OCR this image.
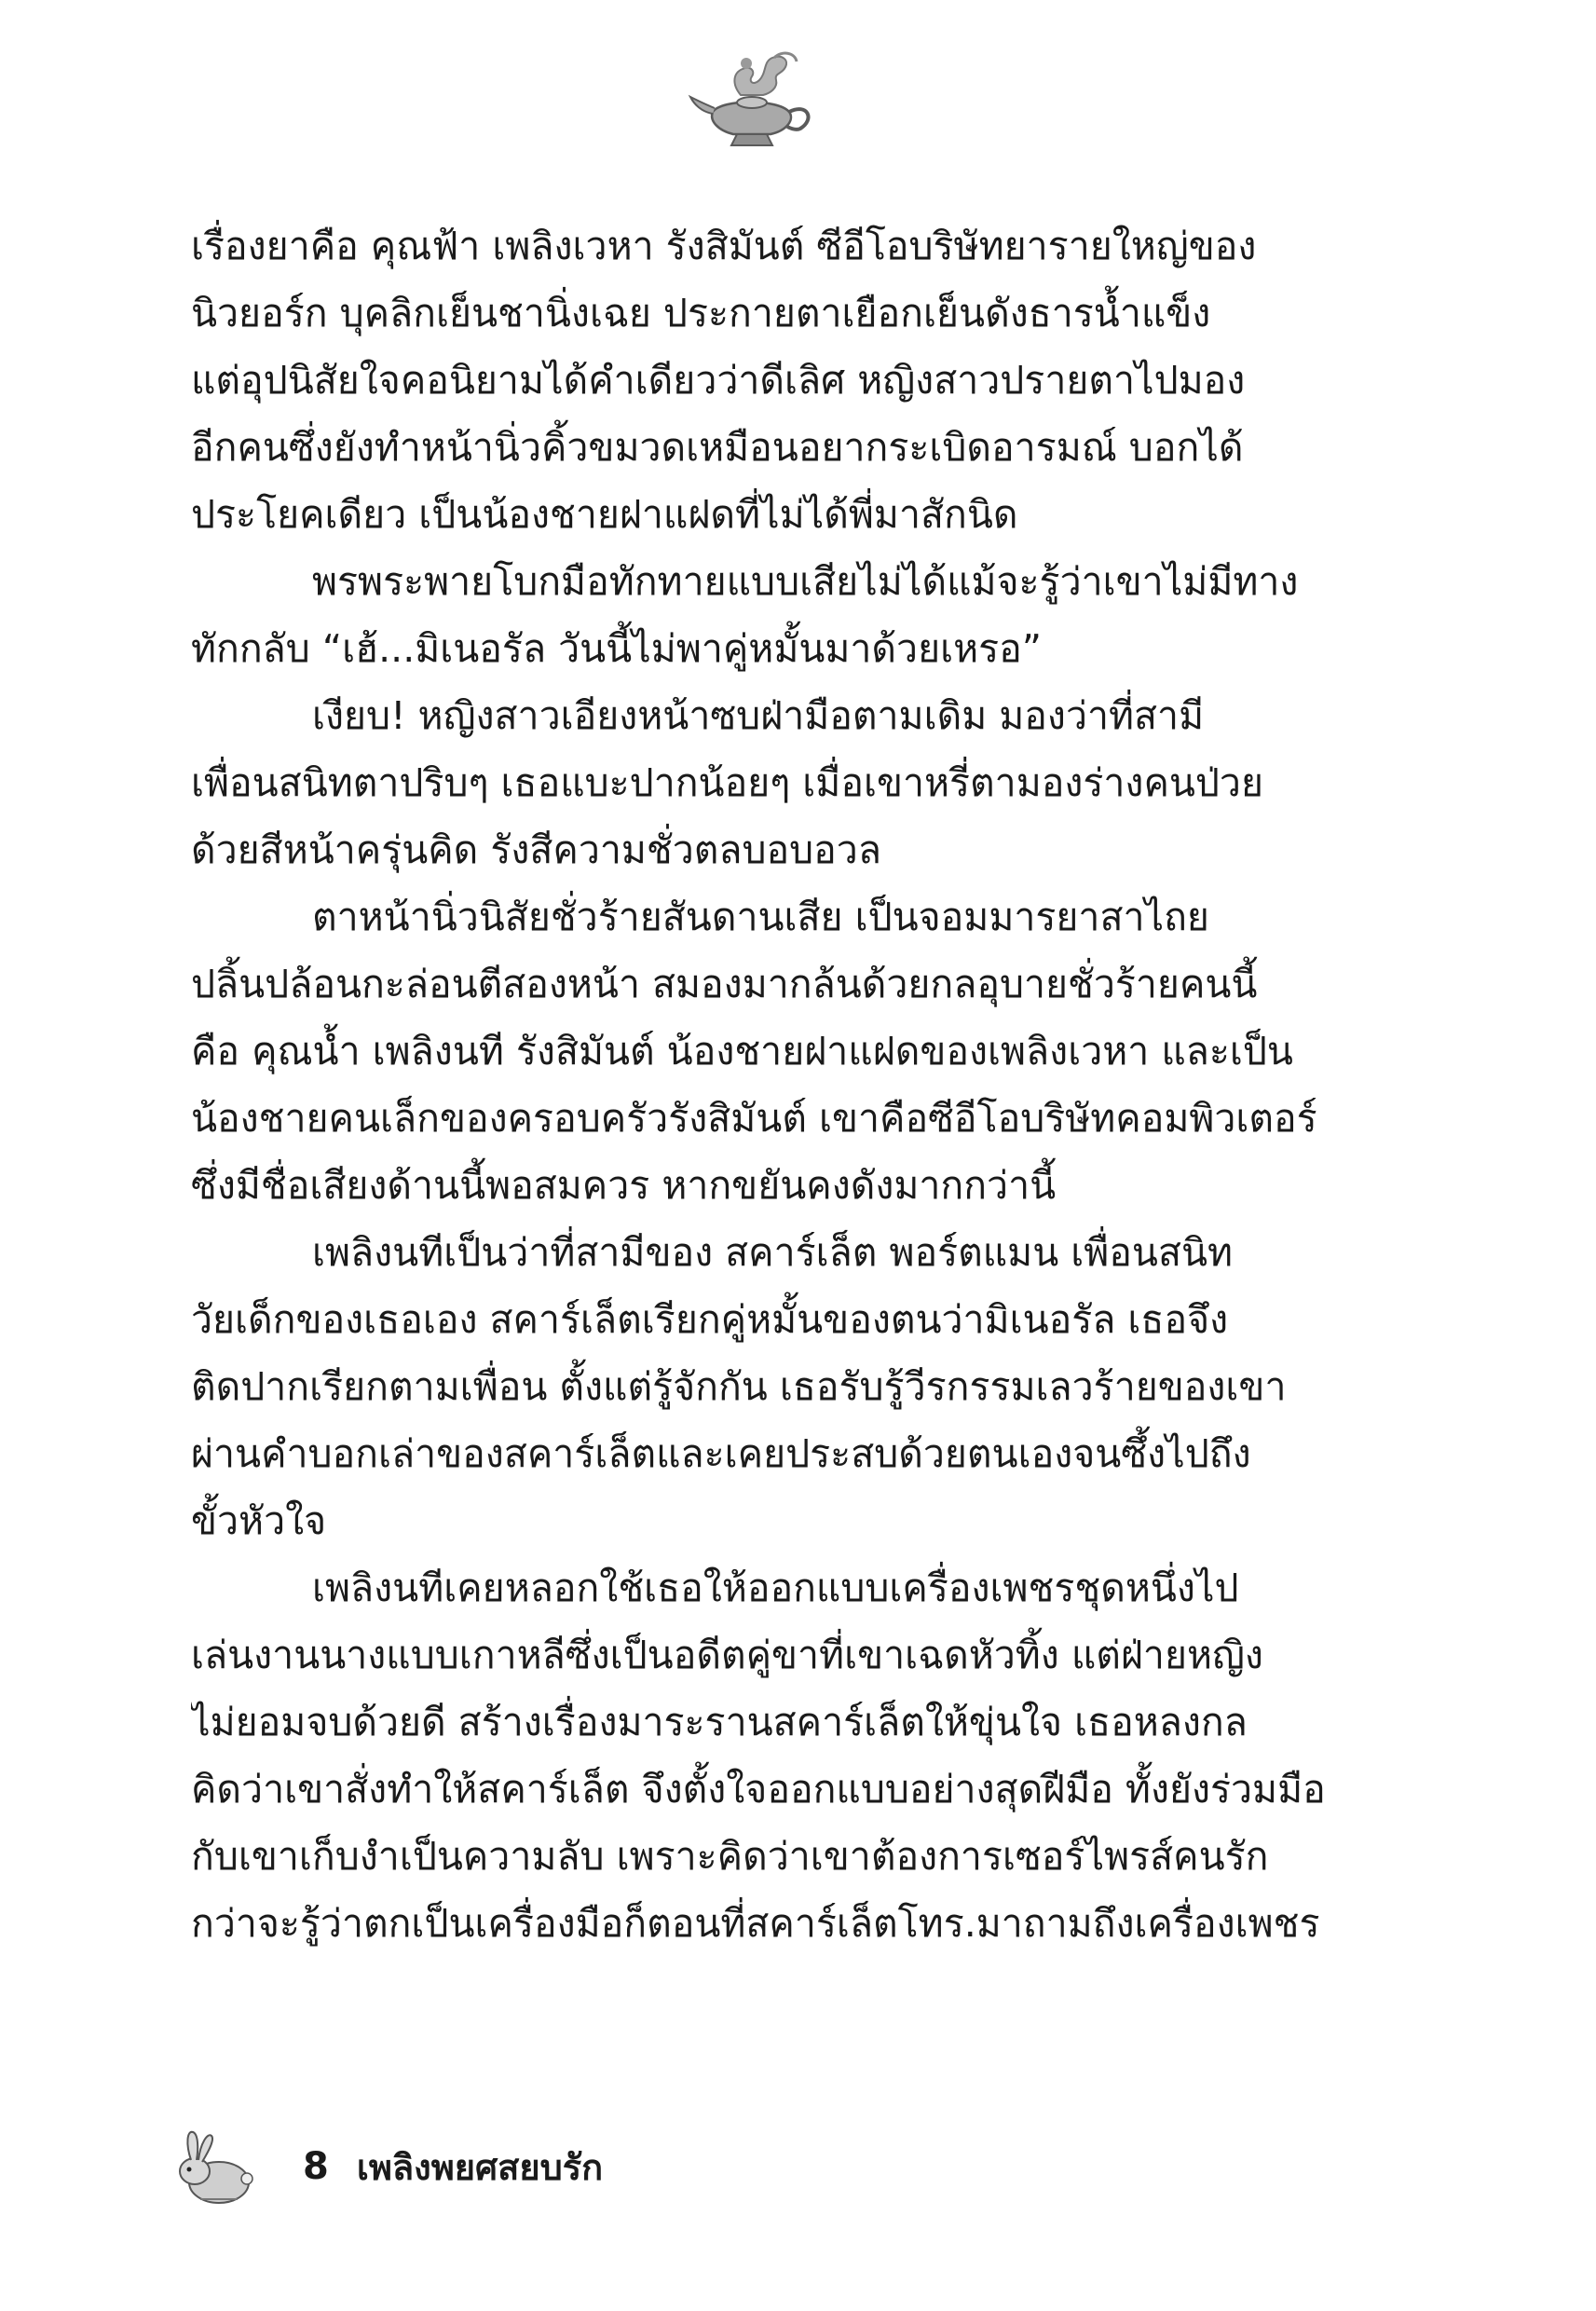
เรื่องยาคือ คุณฟ้า เพลิงเวหา รังสิมันต์ ซีอีโอบริษัทยารายใหญ่ของ
นิวยอร์ก บุคลิกเย็นชานิ่งเฉย ประกายตาเยือกเย็นดังธารน้ำแข็ง
แต่อุปนิสัยใจคอนิยามได้คำเดียวว่าดีเลิศ หญิงสาวปรายตาไปมอง
อีกคนซึ่งยังทำหน้านิ่วคิ้วขมวดเหมือนอยากระเบิดอารมณ์ บอกได้
ประโยคเดียว เป็นน้องชายฝาแฝดที่ไม่ได้พี่มาสักนิด
พรพระพายโบกมือทักทายแบบเสียไม่ได้แม้จะรู้ว่าเขาไม่มีทาง
ทักกลับ “เฮ้...มิเนอรัล วันนี้ไม่พาคู่หมั้นมาด้วยเหรอ”
เงียบ! หญิงสาวเอียงหน้าซบฝ่ามือตามเดิม มองว่าที่สามี
เพื่อนสนิทตาปริบๆ เธอแบะปากน้อยๆ เมื่อเขาหรี่ตามองร่างคนป่วย
ด้วยสีหน้าครุ่นคิด รังสีความชั่วตลบอบอวล
ตาหน้านิ่วนิสัยชั่วร้ายสันดานเสีย เป็นจอมมารยาสาไถย
ปลิ้นปล้อนกะล่อนตีสองหน้า สมองมากล้นด้วยกลอุบายชั่วร้ายคนนี้
คือ คุณน้ำ เพลิงนที รังสิมันต์ น้องชายฝาแฝดของเพลิงเวหา และเป็น
น้องชายคนเล็กของครอบครัวรังสิมันต์ เขาคือซีอีโอบริษัทคอมพิวเตอร์
ซึ่งมีชื่อเสียงด้านนี้พอสมควร หากขยันคงดังมากกว่านี้
เพลิงนทีเป็นว่าที่สามีของ สคาร์เล็ต พอร์ตแมน เพื่อนสนิท
วัยเด็กของเธอเอง สคาร์เล็ตเรียกคู่หมั้นของตนว่ามิเนอรัล เธอจึง
ติดปากเรียกตามเพื่อน ตั้งแต่รู้จักกัน เธอรับรู้วีรกรรมเลวร้ายของเขา
ผ่านคำบอกเล่าของสคาร์เล็ตและเคยประสบด้วยตนเองจนซึ้งไปถึง
ขั้วหัวใจ
เพลิงนทีเคยหลอกใช้เธอให้ออกแบบเครื่องเพชรชุดหนึ่งไป
เล่นงานนางแบบเกาหลีซึ่งเป็นอดีตคู่ขาที่เขาเฉดหัวทิ้ง แต่ฝ่ายหญิง
ไม่ยอมจบด้วยดี สร้างเรื่องมาระรานสคาร์เล็ตให้ขุ่นใจ เธอหลงกล
คิดว่าเขาสั่งทำให้สคาร์เล็ต จึงตั้งใจออกแบบอย่างสุดฝีมือ ทั้งยังร่วมมือ
กับเขาเก็บงำเป็นความลับ เพราะคิดว่าเขาต้องการเซอร์ไพรส์คนรัก
กว่าจะรู้ว่าตกเป็นเครื่องมือก็ตอนที่สคาร์เล็ตโทร.มาถามถึงเครื่องเพชร
8 เพลิงพยศสยบรัก
